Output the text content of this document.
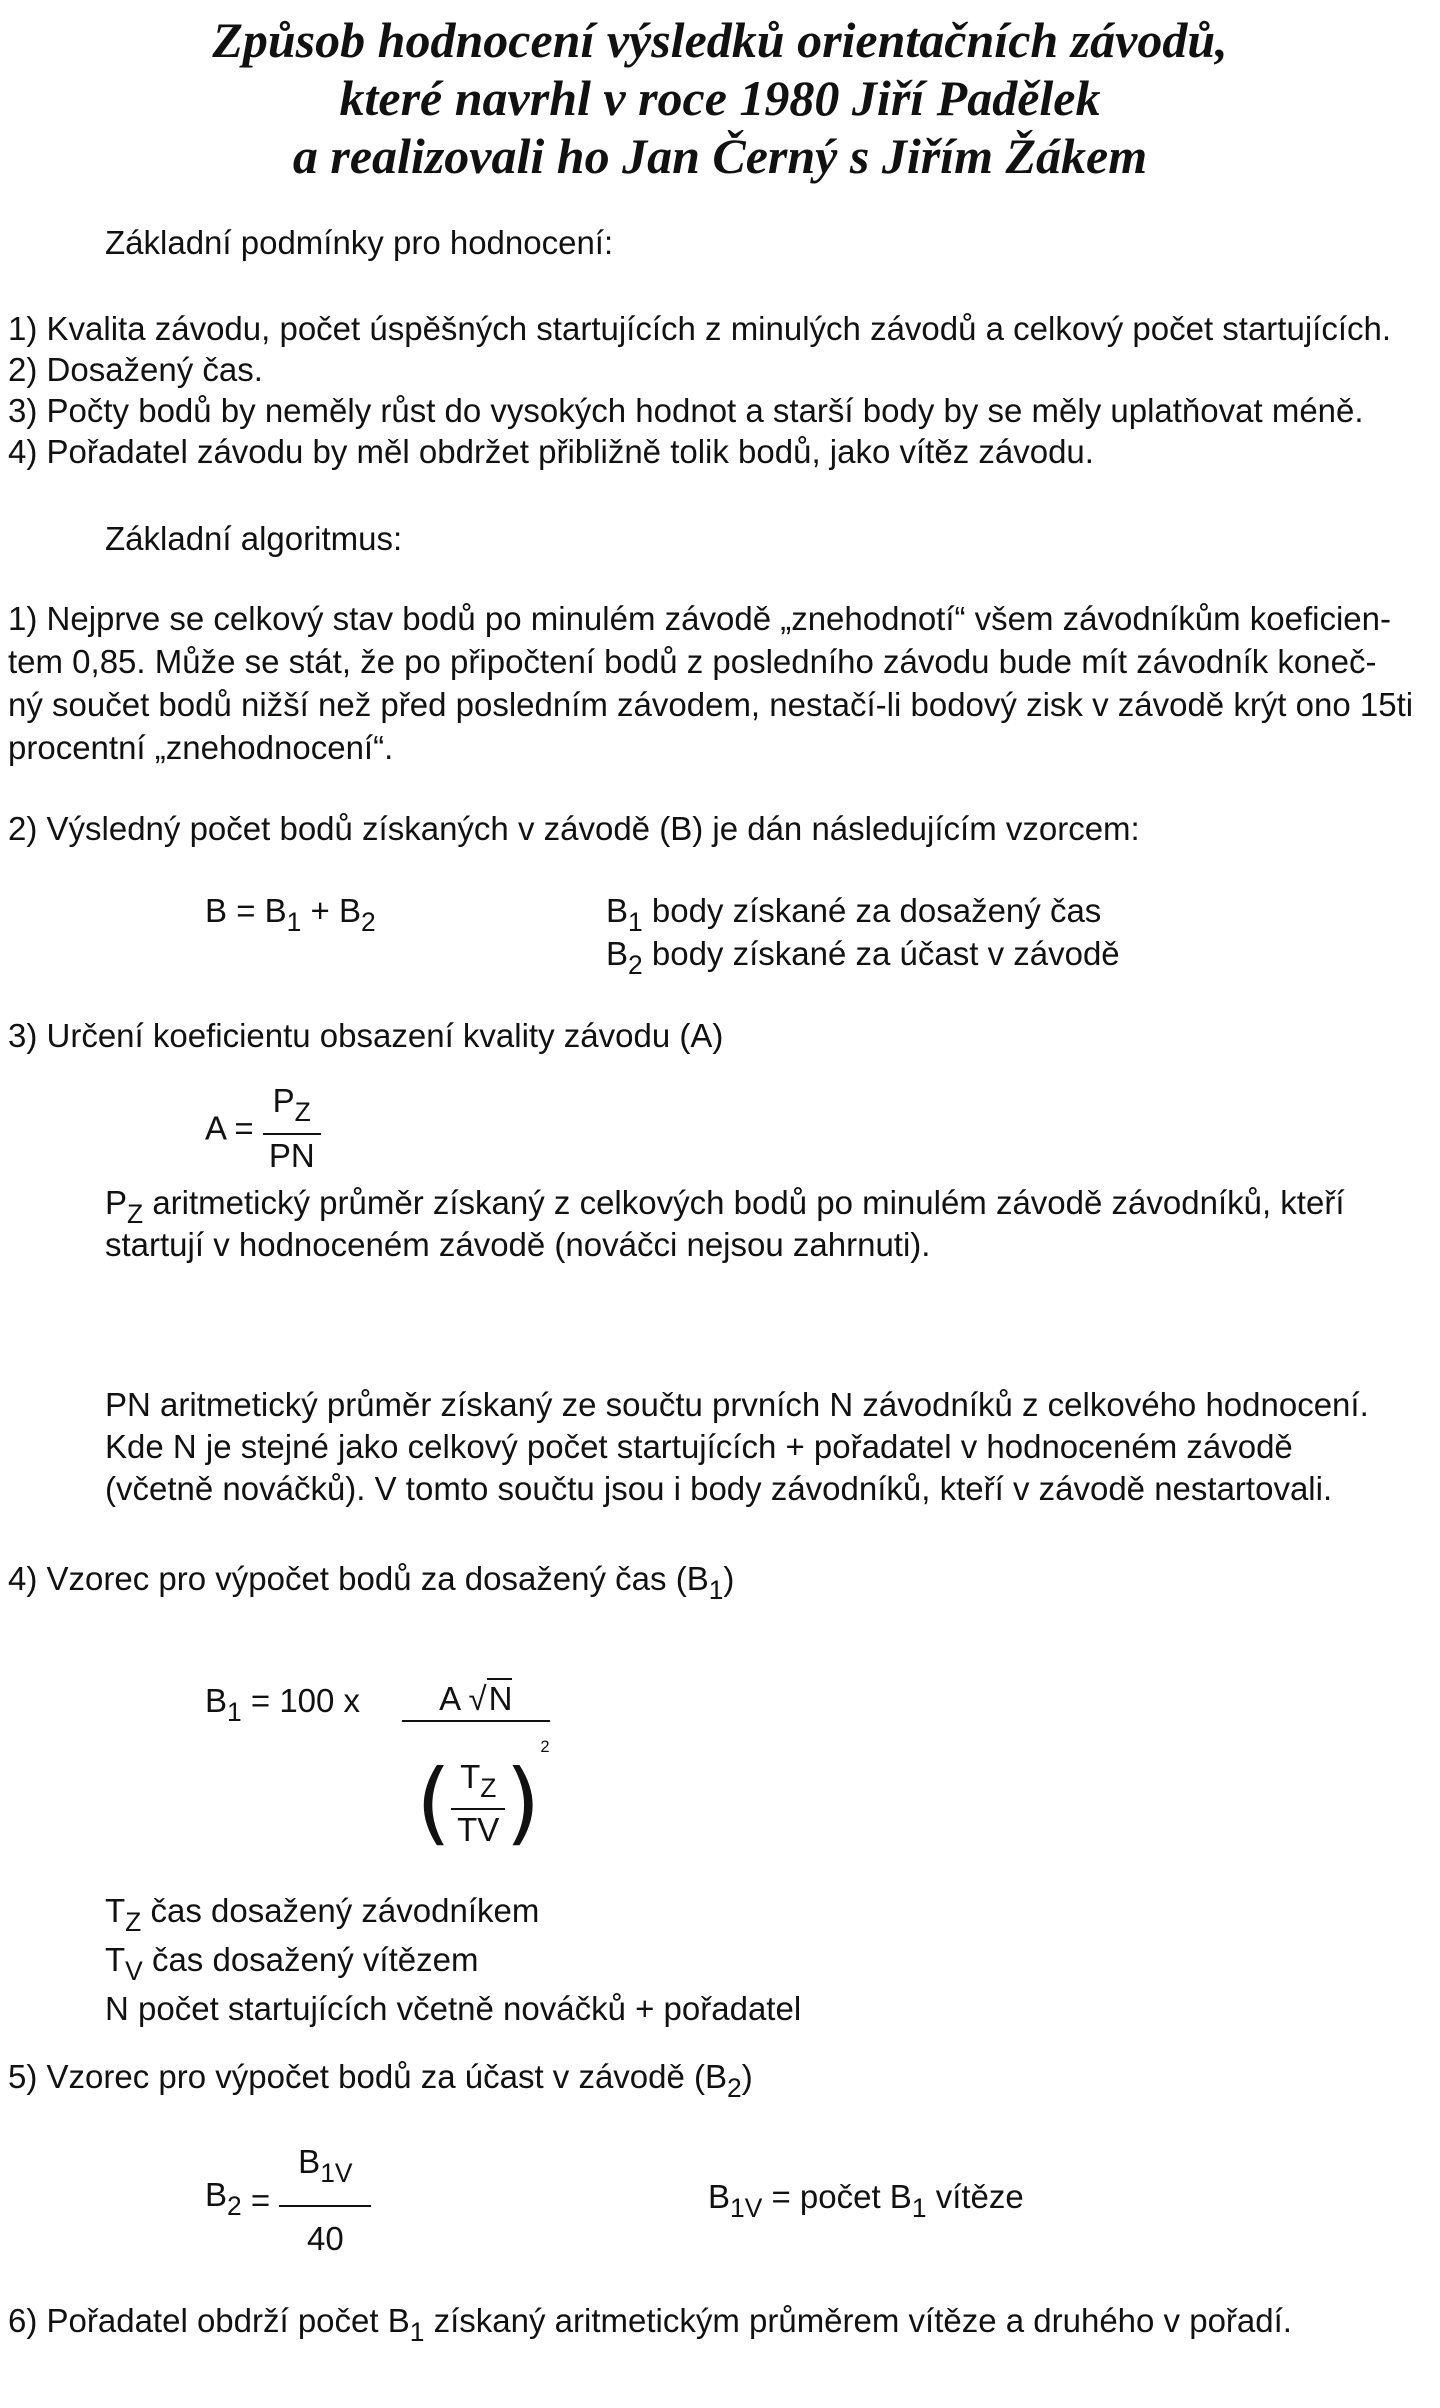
Způsob hodnocení výsledků orientačních závodů,
které navrhl v roce 1980 Jiří Padělek
a realizovali ho Jan Černý s Jiřím Žákem
Základní podmínky pro hodnocení:
1) Kvalita závodu, počet úspěšných startujících z minulých závodů a celkový počet startujících.
2) Dosažený čas.
3) Počty bodů by neměly růst do vysokých hodnot a starší body by se měly uplatňovat méně.
4) Pořadatel závodu by měl obdržet přibližně tolik bodů, jako vítěz závodu.
Základní algoritmus:
1) Nejprve se celkový stav bodů po minulém závodě „znehodnotí“ všem závodníkům koeficien-
tem 0,85. Může se stát, že po připočtení bodů z posledního závodu bude mít závodník koneč-
ný součet bodů nižší než před posledním závodem, nestačí-li bodový zisk v závodě krýt ono 15ti
procentní „znehodnocení“.
2) Výsledný počet bodů získaných v závodě (B) je dán následujícím vzorcem:
$B = B_1 + B_2$	$B_1$ body získané za dosažený čas
$B_2$ body získané za účast v závodě
3) Určení koeficientu obsazení kvality závodu (A)
$A = \frac{P_Z}{PN}$
$P_Z$ aritmetický průměr získaný z celkových bodů po minulém závodě závodníků, kteří
startují v hodnoceném závodě (nováčci nejsou zahrnuti).
PN aritmetický průměr získaný ze součtu prvních N závodníků z celkového hodnocení.
Kde N je stejné jako celkový počet startujících + pořadatel v hodnoceném závodě
(včetně nováčků). V tomto součtu jsou i body závodníků, kteří v závodě nestartovali.
4) Vzorec pro výpočet bodů za dosažený čas $(B_1)$
$B_1 = 100$ x $\frac{A √N}{( \frac{T_Z}{TV} )^2}$
$T_Z$ čas dosažený závodníkem
$T_V$ čas dosažený vítězem
N počet startujících včetně nováčků + pořadatel
5) Vzorec pro výpočet bodů za účast v závodě $(B_2)$
$B_2 = \frac{B_{1V}}{40}$	$B_{1V}$ = počet $B_1$ vítěze
6) Pořadatel obdrží počet $B_1$ získaný aritmetickým průměrem vítěze a druhého v pořadí.
